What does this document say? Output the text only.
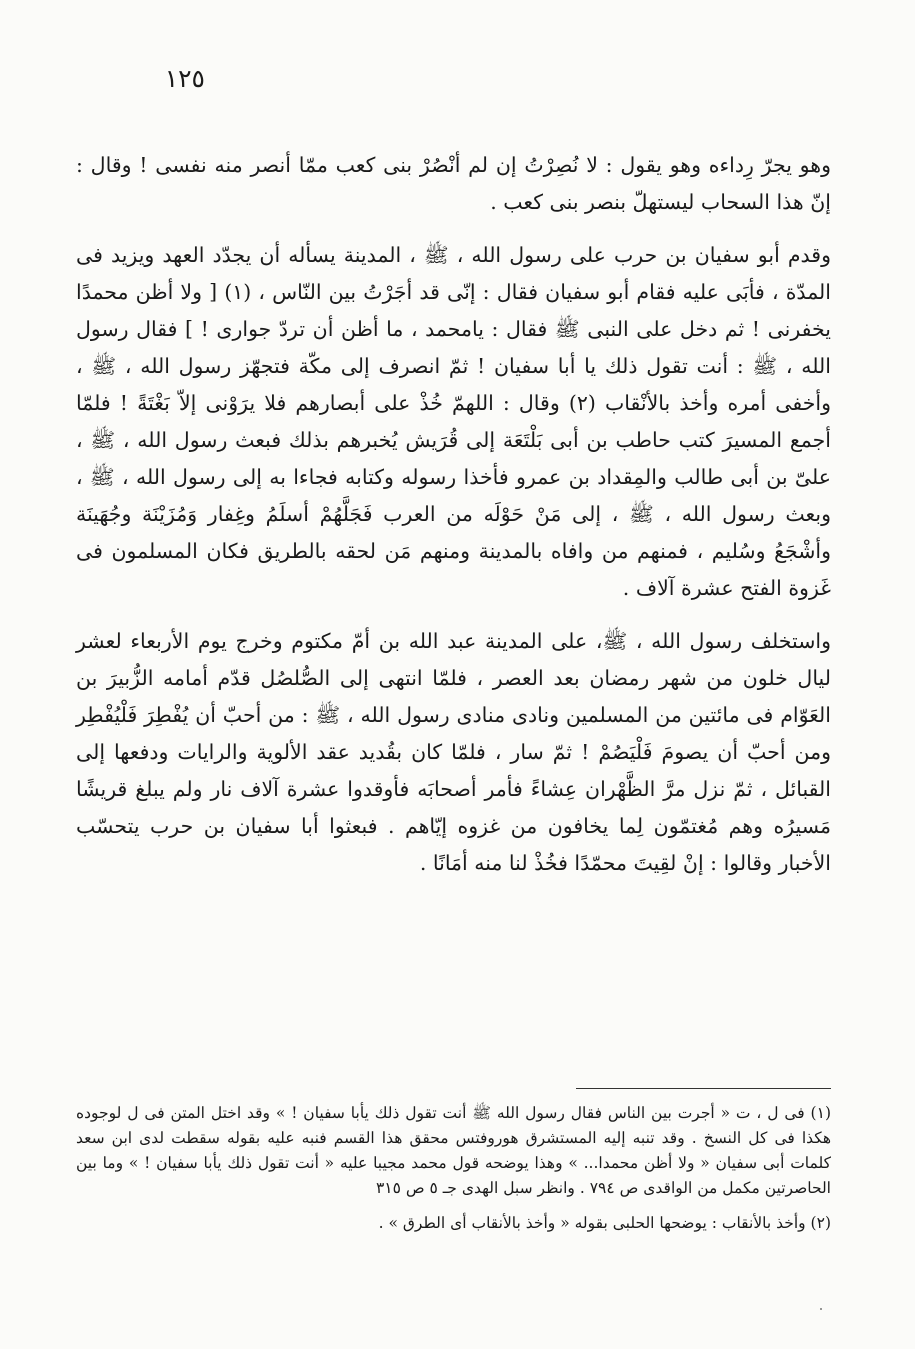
١٢٥

وهو يجرّ رِداءه وهو يقول : لا نُصِرْتُ إن لم أنْصُرْ بنى كعب ممّا أنصر منه نفسى ! وقال : إنّ هذا السحاب ليستهلّ بنصر بنى كعب .

وقدم أبو سفيان بن حرب على رسول الله ، ﷺ ، المدينة يسأله أن يجدّد العهد ويزيد فى المدّة ، فأبَى عليه فقام أبو سفيان فقال : إنّى قد أجَرْتُ بين النّاس ، (١) [ ولا أظن محمدًا يخفرنى ! ثم دخل على النبى ﷺ فقال : يامحمد ، ما أظن أن تردّ جوارى ! ] فقال رسول الله ، ﷺ : أنت تقول ذلك يا أبا سفيان ! ثمّ انصرف إلى مكّة فتجهّز رسول الله ، ﷺ ، وأخفى أمره وأخذ بالأنْقاب (٢) وقال : اللهمّ خُذْ على أبصارهم فلا يرَوْنى إلاّ بَغْتَةً ! فلمّا أجمع المسيرَ كتب حاطب بن أبى بَلْتَعَة إلى قُرَيش يُخبرهم بذلك فبعث رسول الله ، ﷺ ، علىّ بن أبى طالب والمِقداد بن عمرو فأخذا رسوله وكتابه فجاءا به إلى رسول الله ، ﷺ ، وبعث رسول الله ، ﷺ ، إلى مَنْ حَوْلَه من العرب فَجَلَّهُمْ أسلَمُ وغِفار وَمُزَيْنَة وجُهَينَة وأشْجَعُ وسُليم ، فمنهم من وافاه بالمدينة ومنهم مَن لحقه بالطريق فكان المسلمون فى غَزوة الفتح عشرة آلاف .

واستخلف رسول الله ، ﷺ، على المدينة عبد الله بن أمّ مكتوم وخرج يوم الأربعاء لعشر ليال خلون من شهر رمضان بعد العصر ، فلمّا انتهى إلى الصُّلصُل قدّم أمامه الزُّبيرَ بن العَوّام فى مائتين من المسلمين ونادى منادى رسول الله ، ﷺ : من أحبّ أن يُفْطِرَ فَلْيُفْطِر ومن أحبّ أن يصومَ فَلْيَصُمْ ! ثمّ سار ، فلمّا كان بقُديد عقد الألوية والرايات ودفعها إلى القبائل ، ثمّ نزل مرَّ الظَّهْران عِشاءً فأمر أصحابَه فأوقدوا عشرة آلاف نار ولم يبلغ قريشًا مَسيرُه وهم مُغتمّون لِما يخافون من غزوه إيّاهم . فبعثوا أبا سفيان بن حرب يتحسّب الأخبار وقالوا : إنْ لقِيتَ محمّدًا فخُذْ لنا منه أمَانًا .

(١) فى ل ، ت « أجرت بين الناس فقال رسول الله ﷺ أنت تقول ذلك يأبا سفيان ! » وقد اختل المتن فى ل لوجوده هكذا فى كل النسخ . وقد تنبه إليه المستشرق هوروفتس محقق هذا القسم فنبه عليه بقوله سقطت لدى ابن سعد كلمات أبى سفيان « ولا أظن محمدا... » وهذا يوضحه قول محمد مجيبا عليه « أنت تقول ذلك يأبا سفيان ! » وما بين الحاصرتين مكمل من الواقدى ص ٧٩٤ . وانظر سبل الهدى جـ ٥ ص ٣١٥

(٢) وأخذ بالأنقاب : يوضحها الحلبى بقوله « وأخذ بالأنقاب أى الطرق » .
